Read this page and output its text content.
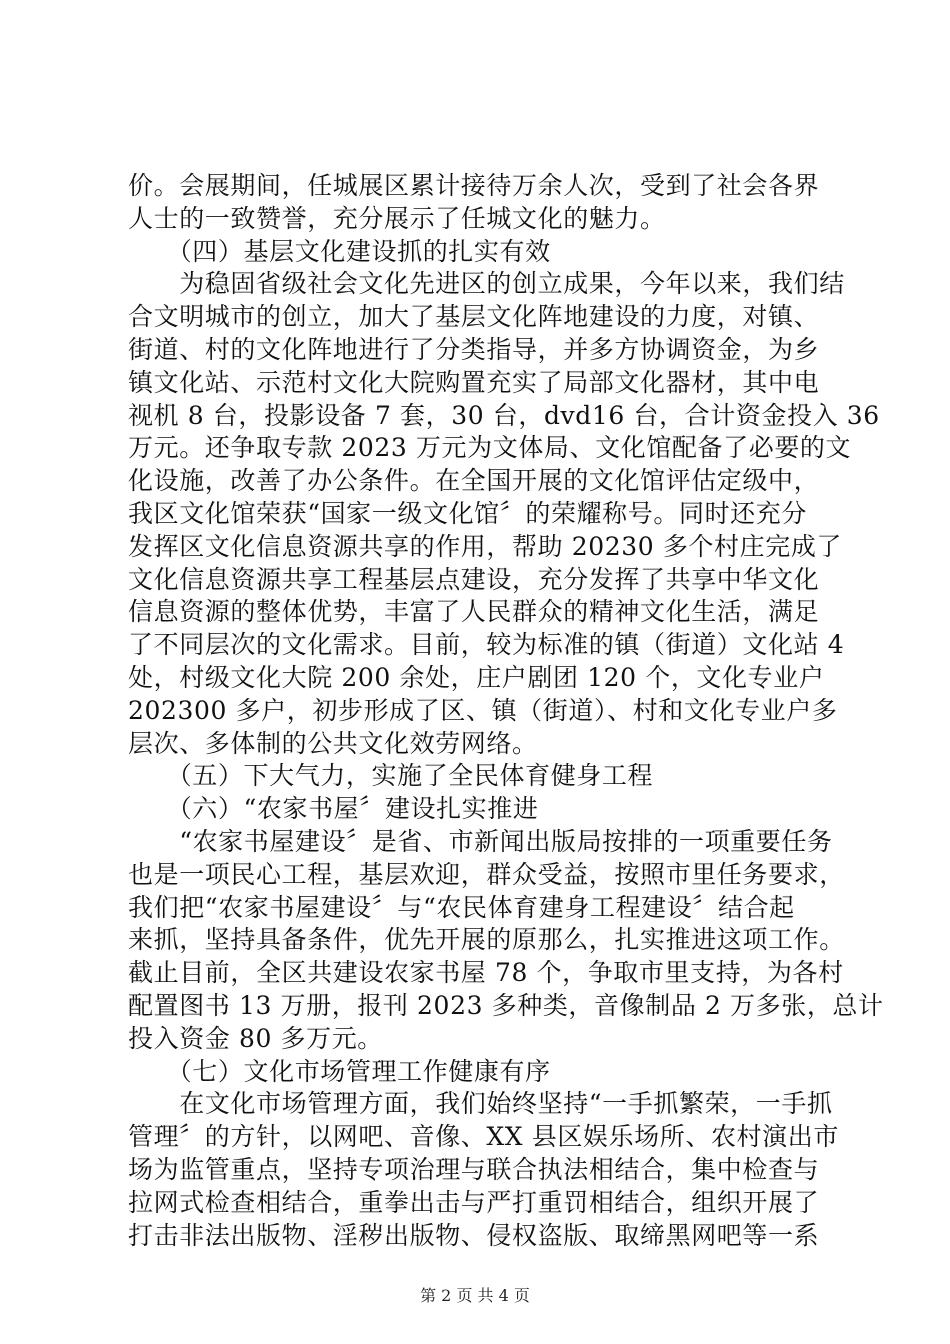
价。会展期间，任城展区累计接待万余人次，受到了社会各界
人士的一致赞誉，充分展示了任城文化的魅力。
　　（四）基层文化建设抓的扎实有效
　　为稳固省级社会文化先进区的创立成果，今年以来，我们结
合文明城市的创立，加大了基层文化阵地建设的力度，对镇、
街道、村的文化阵地进行了分类指导，并多方协调资金，为乡
镇文化站、示范村文化大院购置充实了局部文化器材，其中电
视机 8 台，投影设备 7 套，30 台，dvd16 台，合计资金投入 36
万元。还争取专款 2023 万元为文体局、文化馆配备了必要的文
化设施，改善了办公条件。在全国开展的文化馆评估定级中，
我区文化馆荣获“国家一级文化馆〞的荣耀称号。同时还充分
发挥区文化信息资源共享的作用，帮助 20230 多个村庄完成了
文化信息资源共享工程基层点建设，充分发挥了共享中华文化
信息资源的整体优势，丰富了人民群众的精神文化生活，满足
了不同层次的文化需求。目前，较为标准的镇（街道）文化站 4
处，村级文化大院 200 余处，庄户剧团 120 个，文化专业户
202300 多户，初步形成了区、镇（街道）、村和文化专业户多
层次、多体制的公共文化效劳网络。
　　（五）下大气力，实施了全民体育健身工程
　　（六）“农家书屋〞建设扎实推进
　　“农家书屋建设〞是省、市新闻出版局按排的一项重要任务
也是一项民心工程，基层欢迎，群众受益，按照市里任务要求，
我们把“农家书屋建设〞与“农民体育建身工程建设〞结合起
来抓，坚持具备条件，优先开展的原那么，扎实推进这项工作。
截止目前，全区共建设农家书屋 78 个，争取市里支持，为各村
配置图书 13 万册，报刊 2023 多种类，音像制品 2 万多张，总计
投入资金 80 多万元。
　　（七）文化市场管理工作健康有序
　　在文化市场管理方面，我们始终坚持“一手抓繁荣，一手抓
管理〞的方针，以网吧、音像、XX 县区娱乐场所、农村演出市
场为监管重点，坚持专项治理与联合执法相结合，集中检查与
拉网式检查相结合，重拳出击与严打重罚相结合，组织开展了
打击非法出版物、淫秽出版物、侵权盗版、取缔黑网吧等一系
第 2 页 共 4 页
